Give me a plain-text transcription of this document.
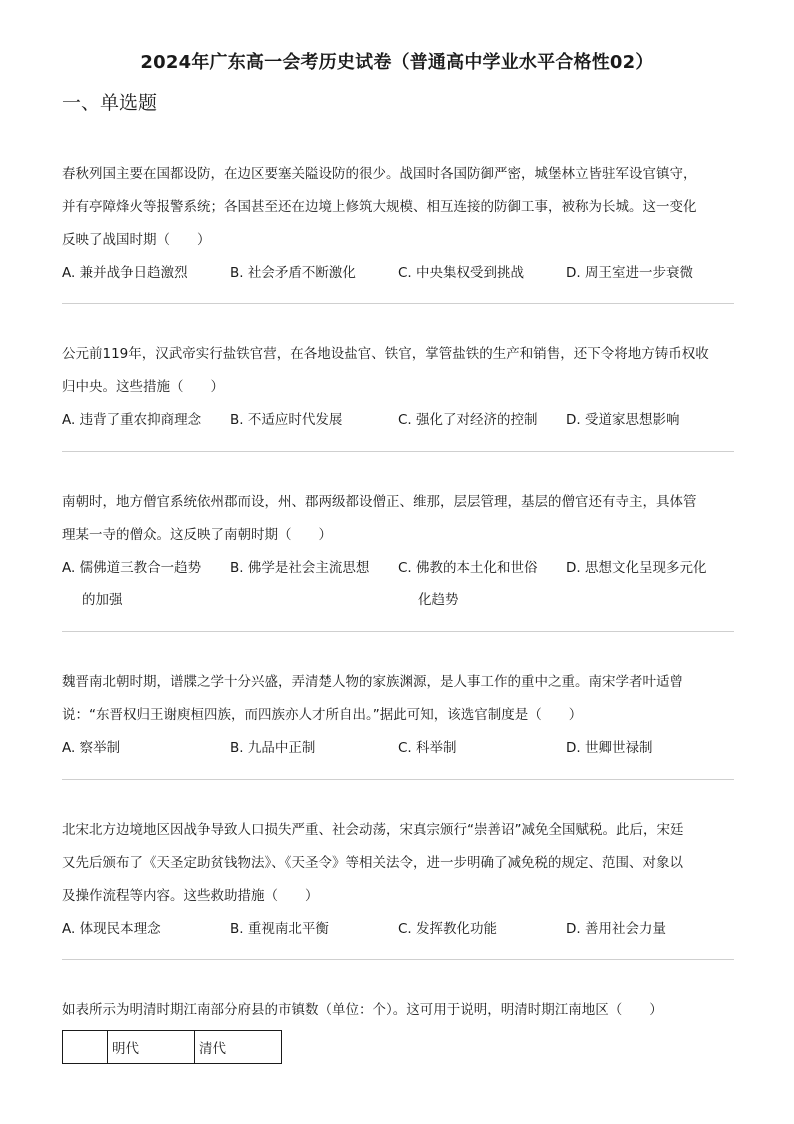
2024年广东高一会考历史试卷（普通高中学业水平合格性02）
一、单选题
春秋列国主要在国都设防，在边区要塞关隘设防的很少。战国时各国防御严密，城堡林立皆驻军设官镇守，
并有亭障烽火等报警系统；各国甚至还在边境上修筑大规模、相互连接的防御工事，被称为长城。这一变化
反映了战国时期（　　）
A. 兼并战争日趋激烈	B. 社会矛盾不断激化	C. 中央集权受到挑战	D. 周王室进一步衰微
公元前119年，汉武帝实行盐铁官营，在各地设盐官、铁官，掌管盐铁的生产和销售，还下令将地方铸币权收
归中央。这些措施（　　）
A. 违背了重农抑商理念	B. 不适应时代发展	C. 强化了对经济的控制	D. 受道家思想影响
南朝时，地方僧官系统依州郡而设，州、郡两级都设僧正、维那，层层管理，基层的僧官还有寺主，具体管
理某一寺的僧众。这反映了南朝时期（　　）
A. 儒佛道三教合一趋势
的加强
B. 佛学是社会主流思想	C. 佛教的本土化和世俗
化趋势
D. 思想文化呈现多元化
魏晋南北朝时期，谱牒之学十分兴盛，弄清楚人物的家族渊源，是人事工作的重中之重。南宋学者叶适曾
说：“东晋权归王谢庾桓四族，而四族亦人才所自出。”据此可知，该选官制度是（　　）
A. 察举制	B. 九品中正制	C. 科举制	D. 世卿世禄制
北宋北方边境地区因战争导致人口损失严重、社会动荡，宋真宗颁行“崇善诏”减免全国赋税。此后，宋廷
又先后颁布了《天圣定助贫钱物法》、《天圣令》等相关法令，进一步明确了减免税的规定、范围、对象以
及操作流程等内容。这些救助措施（　　）
A. 体现民本理念	B. 重视南北平衡	C. 发挥教化功能	D. 善用社会力量
如表所示为明清时期江南部分府县的市镇数（单位：个）。这可用于说明，明清时期江南地区（　　）
	明代	清代
